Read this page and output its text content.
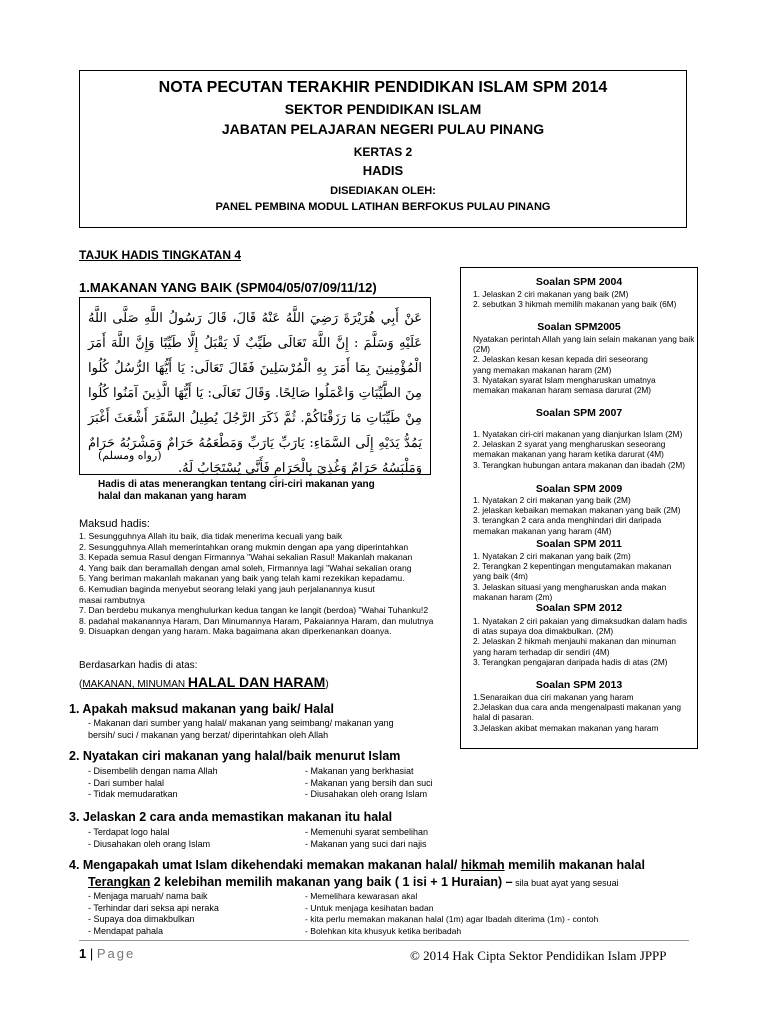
NOTA PECUTAN TERAKHIR PENDIDIKAN ISLAM SPM 2014
SEKTOR PENDIDIKAN ISLAM
JABATAN PELAJARAN NEGERI PULAU PINANG
KERTAS 2
HADIS
DISEDIAKAN OLEH:
PANEL PEMBINA MODUL LATIHAN BERFOKUS PULAU PINANG
TAJUK HADIS TINGKATAN 4
1.MAKANAN YANG BAIK (SPM04/05/07/09/11/12)
عَنْ أَبِي هُرَيْرَةَ رَضِيَ اللَّهُ عَنْهُ قَالَ، قَالَ رَسُولُ اللَّهِ صَلَّى اللَّهُ عَلَيْهِ وَسَلَّمَ : إِنَّ اللَّهَ تَعَالَى طَيِّبٌ لَا يَقْبَلُ إِلَّا طَيِّبًا وَإِنَّ اللَّهَ أَمَرَ الْمُؤْمِنِينَ بِمَا أَمَرَ بِهِ الْمُرْسَلِينَ فَقَالَ تَعَالَى: يَا أَيُّهَا الرُّسُلُ كُلُوا مِنَ الطَّيِّبَاتِ وَاعْمَلُوا صَالِحًا. وَقَالَ تَعَالَى: يَا أَيُّهَا الَّذِينَ آمَنُوا كُلُوا مِنْ طَيِّبَاتِ مَا رَزَقْنَاكُمْ. ثُمَّ ذَكَرَ الرَّجُلَ يُطِيلُ السَّفَرَ أَشْعَثَ أَغْبَرَ يَمُدُّ يَدَيْهِ إِلَى السَّمَاءِ: يَارَبِّ يَارَبِّ وَمَطْعَمُهُ حَرَامٌ وَمَشْرَبُهُ حَرَامٌ وَمَلْبَسُهُ حَرَامٌ وَغُذِيَ بِالْحَرَامِ فَأَنَّى يُسْتَجَابُ لَهُ.
(رواه ومسلم)
Hadis di atas menerangkan tentang ciri-ciri makanan yang halal dan makanan yang haram
Maksud hadis:
1. Sesungguhnya Allah itu baik, dia tidak menerima kecuali yang baik
2. Sesungguhnya Allah memerintahkan orang mukmin dengan apa yang diperintahkan
3. Kepada semua Rasul dengan Firmannya "Wahai sekalian Rasul! Makanlah makanan
4. Yang baik dan beramallah dengan amal soleh, Firmannya lagi "Wahai sekalian orang
5. Yang beriman makanlah makanan yang baik yang telah kami rezekikan kepadamu.
6. Kemudian baginda menyebut seorang lelaki yang jauh perjalanannya kusut
masai rambutnya
7. Dan berdebu mukanya menghulurkan kedua tangan ke langit (berdoa) "Wahai Tuhanku!2
8. padahal makanannya Haram, Dan Minumannya Haram, Pakaiannya Haram, dan mulutnya
9. Disuapkan dengan yang haram. Maka bagaimana akan diperkenankan doanya.
Berdasarkan hadis di atas:
(MAKANAN, MINUMAN HALAL DAN HARAM)
1. Apakah maksud makanan yang baik/ Halal
- Makanan dari sumber yang halal/ makanan yang seimbang/ makanan yang
bersih/ suci / makanan yang berzat/ diperintahkan oleh Allah
2. Nyatakan ciri makanan yang halal/baik menurut Islam
- Disembelih dengan nama Allah
- Dari sumber halal
- Tidak memudaratkan
- Makanan yang berkhasiat
- Makanan yang bersih dan suci
- Diusahakan oleh orang Islam
3. Jelaskan 2 cara anda memastikan makanan itu halal
- Terdapat logo halal
- Diusahakan oleh orang Islam
- Memenuhi syarat sembelihan
- Makanan yang suci dari najis
4. Mengapakah umat Islam dikehendaki memakan makanan halal/ hikmah memilih makanan halal
Terangkan 2 kelebihan memilih makanan yang baik ( 1 isi + 1 Huraian) – sila buat ayat yang sesuai
- Menjaga maruah/ nama baik
- Terhindar dari seksa api neraka
- Supaya doa dimakbulkan
- Mendapat pahala
- Memelihara kewarasan akal
- Untuk menjaga kesihatan badan
- kita perlu memakan makanan halal (1m) agar Ibadah diterima (1m) - contoh
- Bolehkan kita khusyuk ketika beribadah
Soalan SPM 2004
1. Jelaskan 2 ciri makanan yang baik (2M)
2. sebutkan 3 hikmah memilih makanan yang baik (6M)
Soalan SPM2005
Nyatakan perintah Allah yang lain selain makanan yang baik
(2M)
2. Jelaskan kesan kesan kepada diri seseorang
yang memakan makanan haram (2M)
3. Nyatakan syarat Islam mengharuskan umatnya
memakan makanan haram semasa darurat (2M)
Soalan SPM 2007
1. Nyatakan ciri-ciri makanan yang dianjurkan Islam (2M)
2. Jelaskan 2 syarat yang mengharuskan seseorang
memakan makanan yang haram ketika darurat (4M)
3. Terangkan hubungan antara makanan dan ibadah (2M)
Soalan SPM 2009
1. Nyatakan 2 ciri makanan yang baik (2M)
2. jelaskan kebaikan memakan makanan yang baik (2M)
3. terangkan 2 cara anda menghindari diri daripada
memakan makanan yang haram (4M)
Soalan SPM 2011
1. Nyatakan 2 ciri makanan yang baik (2m)
2. Terangkan 2 kepentingan mengutamakan makanan
yang baik (4m)
3. Jelaskan situasi yang mengharuskan anda makan
makanan haram (2m)
Soalan SPM 2012
1. Nyatakan 2 ciri pakaian yang dimaksudkan dalam hadis
di atas supaya doa dimakbulkan. (2M)
2. Jelaskan 2 hikmah menjauhi makanan dan minuman
yang haram terhadap dir sendiri (4M)
3. Terangkan pengajaran daripada hadis di atas (2M)
Soalan SPM 2013
1.Senaraikan dua ciri makanan yang haram
2.Jelaskan dua cara anda mengenalpasti makanan yang
halal di pasaran.
3.Jelaskan akibat memakan makanan yang haram
1 | Page	© 2014 Hak Cipta Sektor Pendidikan Islam JPPP
